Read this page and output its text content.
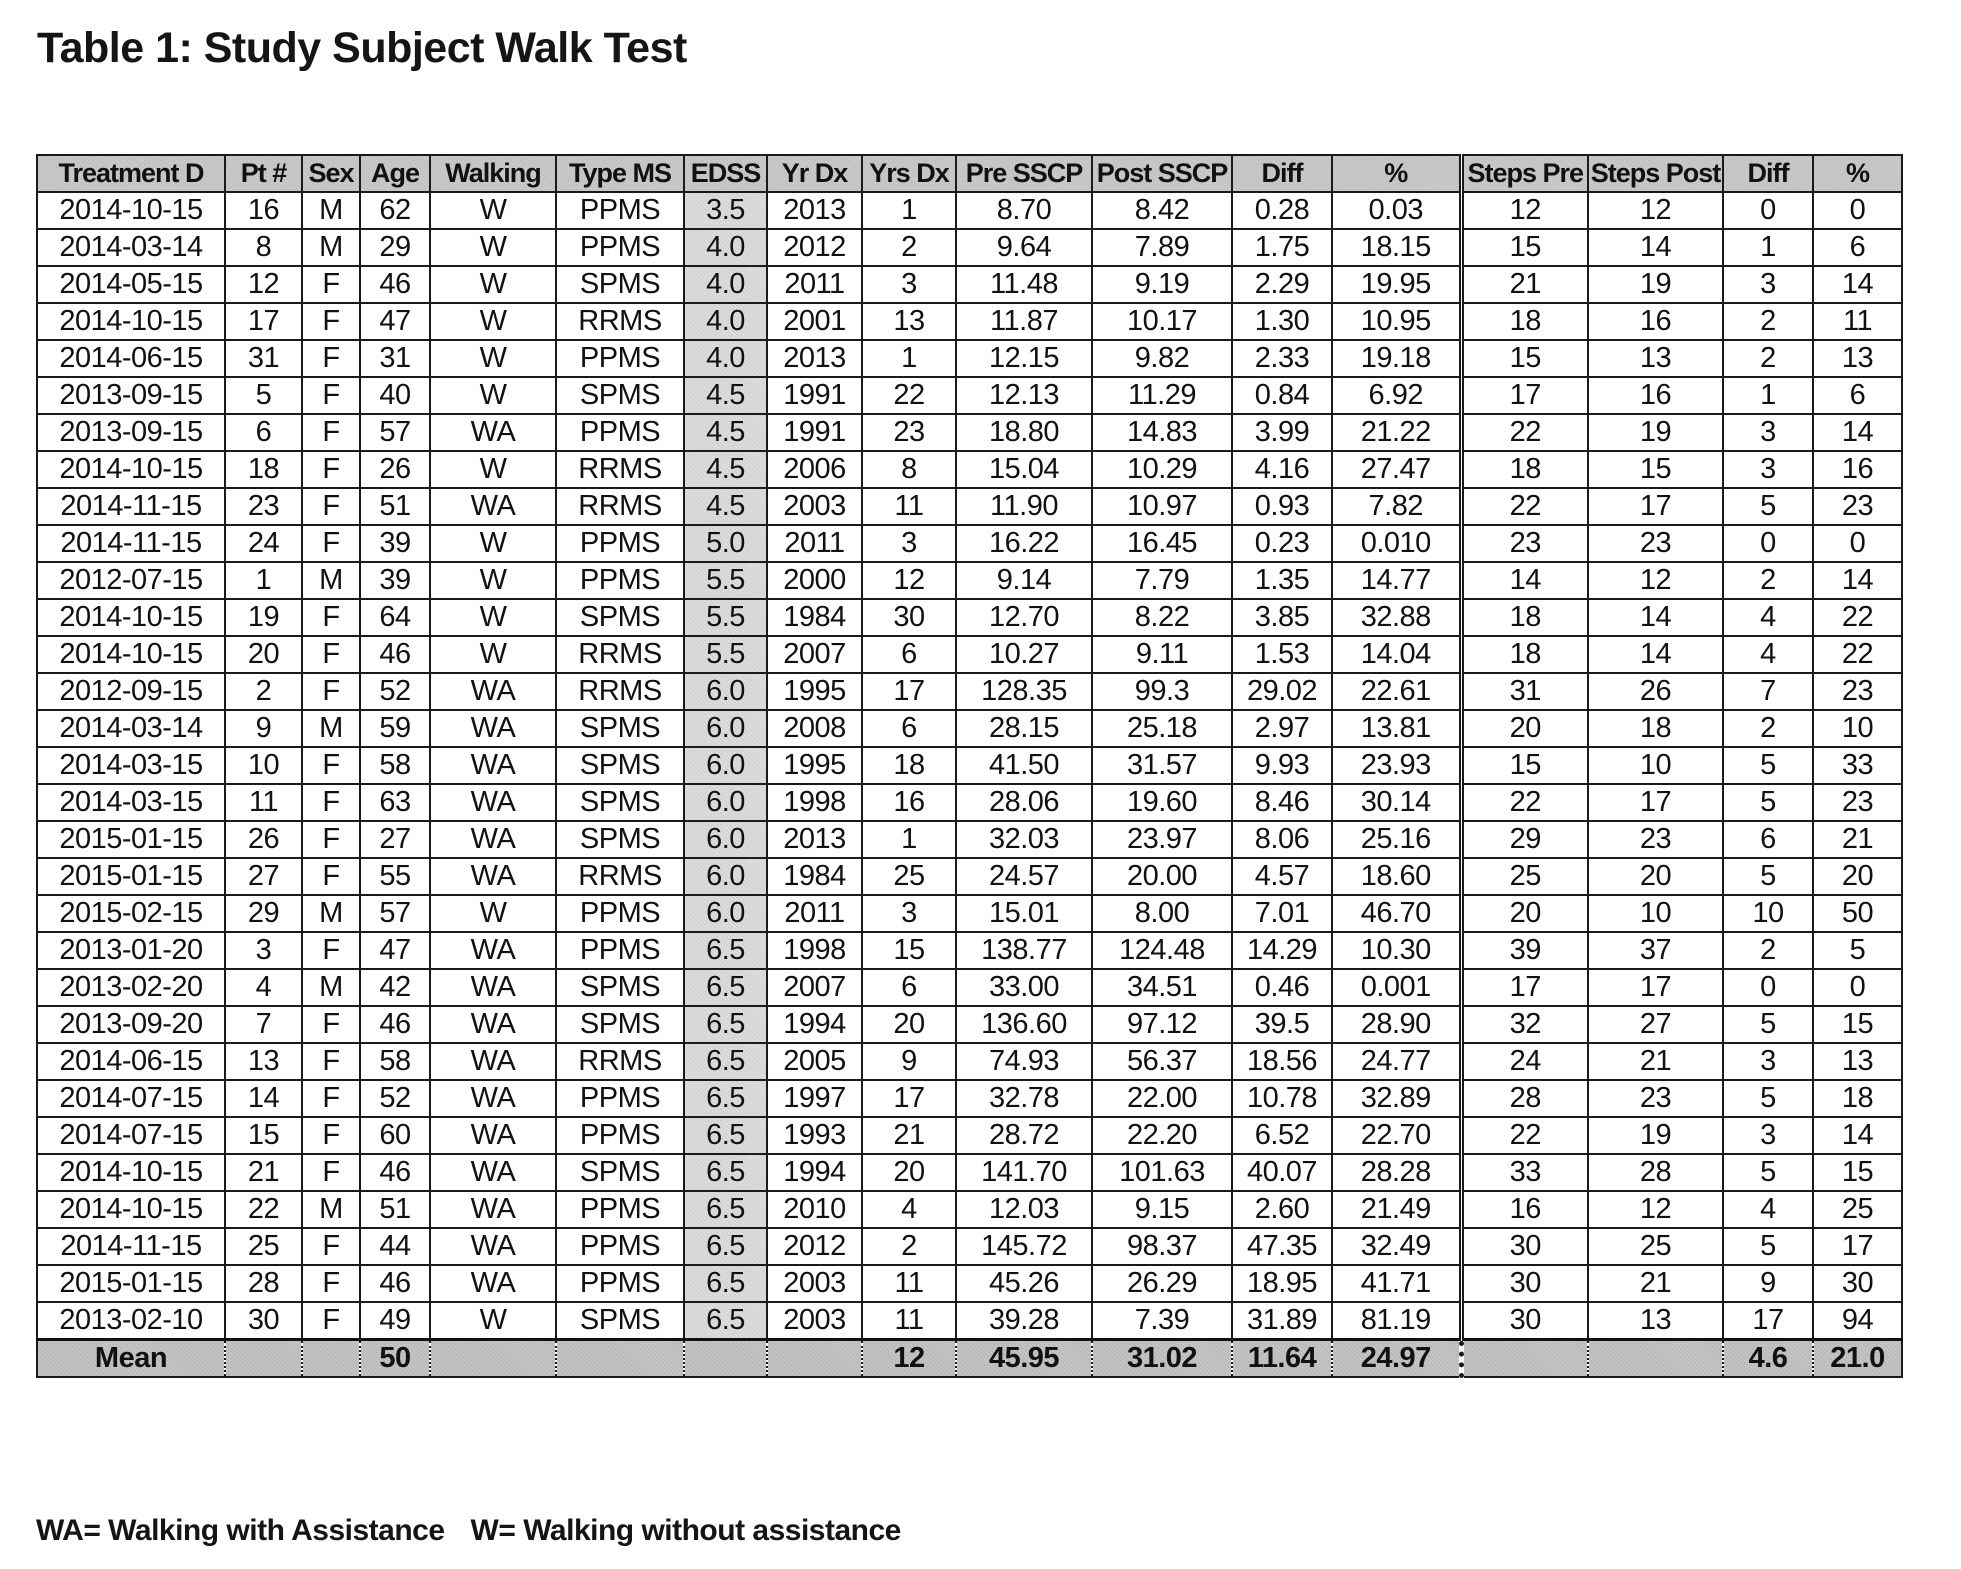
Table 1: Study Subject Walk Test
Treatment D	Pt #	Sex	Age	Walking	Type MS	EDSS	Yr Dx	Yrs Dx	Pre SSCP	Post SSCP	Diff	%	Steps Pre	Steps Post	Diff	%
2014-10-15	16	M	62	W	PPMS	3.5	2013	1	8.70	8.42	0.28	0.03	12	12	0	0
2014-03-14	8	M	29	W	PPMS	4.0	2012	2	9.64	7.89	1.75	18.15	15	14	1	6
2014-05-15	12	F	46	W	SPMS	4.0	2011	3	11.48	9.19	2.29	19.95	21	19	3	14
2014-10-15	17	F	47	W	RRMS	4.0	2001	13	11.87	10.17	1.30	10.95	18	16	2	11
2014-06-15	31	F	31	W	PPMS	4.0	2013	1	12.15	9.82	2.33	19.18	15	13	2	13
2013-09-15	5	F	40	W	SPMS	4.5	1991	22	12.13	11.29	0.84	6.92	17	16	1	6
2013-09-15	6	F	57	WA	PPMS	4.5	1991	23	18.80	14.83	3.99	21.22	22	19	3	14
2014-10-15	18	F	26	W	RRMS	4.5	2006	8	15.04	10.29	4.16	27.47	18	15	3	16
2014-11-15	23	F	51	WA	RRMS	4.5	2003	11	11.90	10.97	0.93	7.82	22	17	5	23
2014-11-15	24	F	39	W	PPMS	5.0	2011	3	16.22	16.45	0.23	0.010	23	23	0	0
2012-07-15	1	M	39	W	PPMS	5.5	2000	12	9.14	7.79	1.35	14.77	14	12	2	14
2014-10-15	19	F	64	W	SPMS	5.5	1984	30	12.70	8.22	3.85	32.88	18	14	4	22
2014-10-15	20	F	46	W	RRMS	5.5	2007	6	10.27	9.11	1.53	14.04	18	14	4	22
2012-09-15	2	F	52	WA	RRMS	6.0	1995	17	128.35	99.3	29.02	22.61	31	26	7	23
2014-03-14	9	M	59	WA	SPMS	6.0	2008	6	28.15	25.18	2.97	13.81	20	18	2	10
2014-03-15	10	F	58	WA	SPMS	6.0	1995	18	41.50	31.57	9.93	23.93	15	10	5	33
2014-03-15	11	F	63	WA	SPMS	6.0	1998	16	28.06	19.60	8.46	30.14	22	17	5	23
2015-01-15	26	F	27	WA	SPMS	6.0	2013	1	32.03	23.97	8.06	25.16	29	23	6	21
2015-01-15	27	F	55	WA	RRMS	6.0	1984	25	24.57	20.00	4.57	18.60	25	20	5	20
2015-02-15	29	M	57	W	PPMS	6.0	2011	3	15.01	8.00	7.01	46.70	20	10	10	50
2013-01-20	3	F	47	WA	PPMS	6.5	1998	15	138.77	124.48	14.29	10.30	39	37	2	5
2013-02-20	4	M	42	WA	SPMS	6.5	2007	6	33.00	34.51	0.46	0.001	17	17	0	0
2013-09-20	7	F	46	WA	SPMS	6.5	1994	20	136.60	97.12	39.5	28.90	32	27	5	15
2014-06-15	13	F	58	WA	RRMS	6.5	2005	9	74.93	56.37	18.56	24.77	24	21	3	13
2014-07-15	14	F	52	WA	PPMS	6.5	1997	17	32.78	22.00	10.78	32.89	28	23	5	18
2014-07-15	15	F	60	WA	PPMS	6.5	1993	21	28.72	22.20	6.52	22.70	22	19	3	14
2014-10-15	21	F	46	WA	SPMS	6.5	1994	20	141.70	101.63	40.07	28.28	33	28	5	15
2014-10-15	22	M	51	WA	PPMS	6.5	2010	4	12.03	9.15	2.60	21.49	16	12	4	25
2014-11-15	25	F	44	WA	PPMS	6.5	2012	2	145.72	98.37	47.35	32.49	30	25	5	17
2015-01-15	28	F	46	WA	PPMS	6.5	2003	11	45.26	26.29	18.95	41.71	30	21	9	30
2013-02-10	30	F	49	W	SPMS	6.5	2003	11	39.28	7.39	31.89	81.19	30	13	17	94
Mean			50					12	45.95	31.02	11.64	24.97			4.6	21.0
WA= Walking with Assistance W= Walking without assistance
